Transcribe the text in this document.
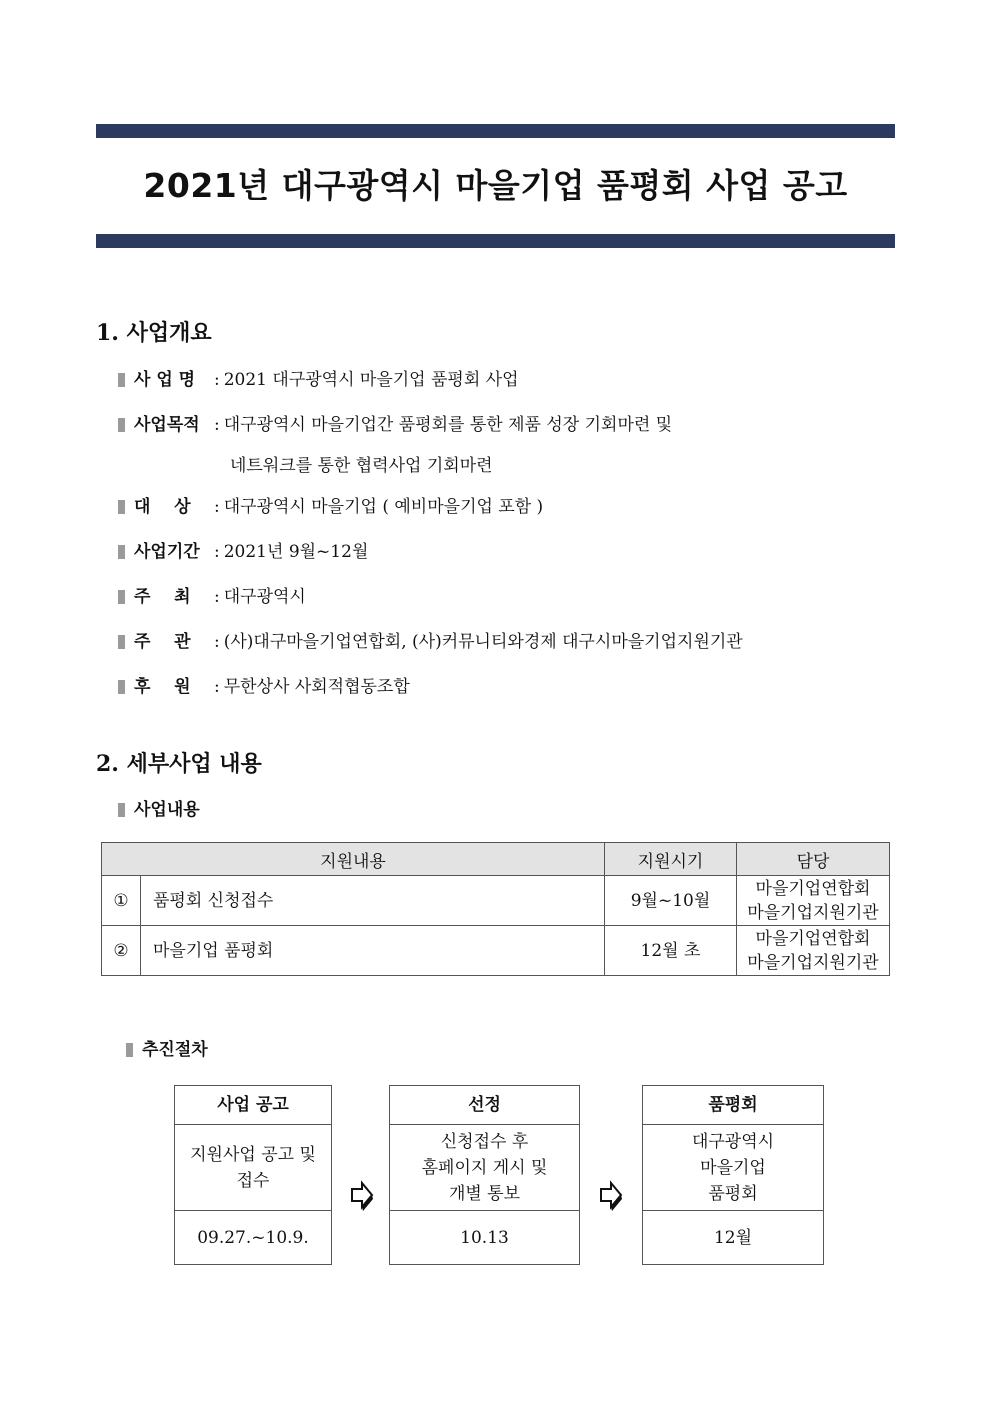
2021년 대구광역시 마을기업 품평회 사업 공고
1. 사업개요
사 업 명 : 2021 대구광역시 마을기업 품평회 사업
사업목적 : 대구광역시 마을기업간 품평회를 통한 제품 성장 기회마련 및
네트워크를 통한 협력사업 기회마련
대    상 : 대구광역시 마을기업 ( 예비마을기업 포함 )
사업기간 : 2021년 9월~12월
주    최 : 대구광역시
주    관 : (사)대구마을기업연합회, (사)커뮤니티와경제 대구시마을기업지원기관
후    원 : 무한상사 사회적협동조합
2. 세부사업 내용
사업내용
지원내용		지원시기	담당
①	품평회 신청접수	9월~10월	마을기업연합회
마을기업지원기관

②	마을기업 품평회	12월 초	마을기업연합회
마을기업지원기관
추진절차
사업 공고
지원사업 공고 및
접수
09.27.~10.9.
선정
신청접수 후
홈페이지 게시 및
개별 통보
10.13
품평회
대구광역시
마을기업
품평회
12월
